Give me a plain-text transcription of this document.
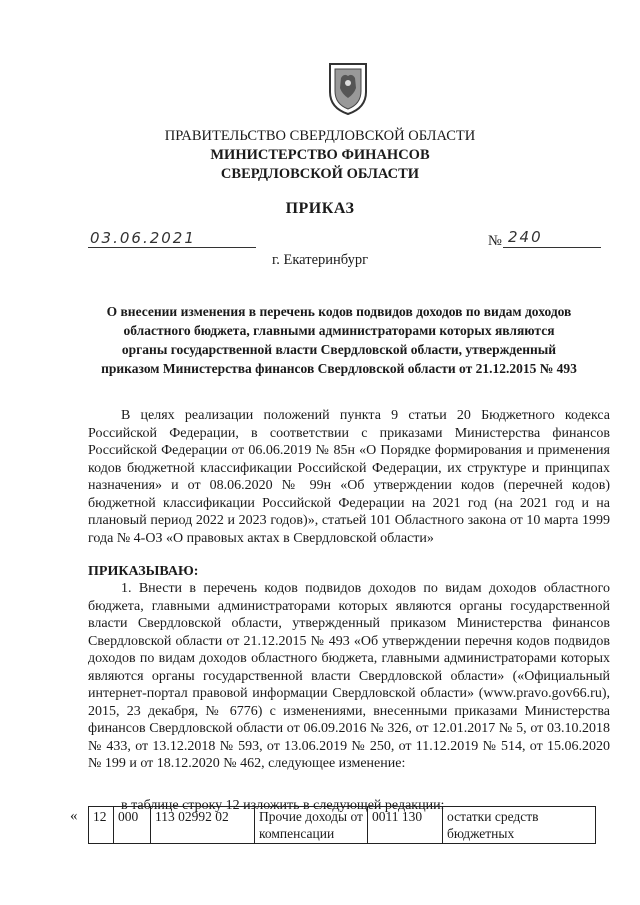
ПРАВИТЕЛЬСТВО СВЕРДЛОВСКОЙ ОБЛАСТИ
МИНИСТЕРСТВО ФИНАНСОВ
СВЕРДЛОВСКОЙ ОБЛАСТИ
ПРИКАЗ
03.06.2021	№ 240
г. Екатеринбург
О внесении изменения в перечень кодов подвидов доходов по видам доходов областного бюджета, главными администраторами которых являются органы государственной власти Свердловской области, утвержденный приказом Министерства финансов Свердловской области от 21.12.2015 № 493
В целях реализации положений пункта 9 статьи 20 Бюджетного кодекса Российской Федерации, в соответствии с приказами Министерства финансов Российской Федерации от 06.06.2019 № 85н «О Порядке формирования и применения кодов бюджетной классификации Российской Федерации, их структуре и принципах назначения» и от 08.06.2020 № 99н «Об утверждении кодов (перечней кодов) бюджетной классификации Российской Федерации на 2021 год (на 2021 год и на плановый период 2022 и 2023 годов)», статьей 101 Областного закона от 10 марта 1999 года № 4-ОЗ «О правовых актах в Свердловской области»
ПРИКАЗЫВАЮ:
1. Внести в перечень кодов подвидов доходов по видам доходов областного бюджета, главными администраторами которых являются органы государственной власти Свердловской области, утвержденный приказом Министерства финансов Свердловской области от 21.12.2015 № 493 «Об утверждении перечня кодов подвидов доходов по видам доходов областного бюджета, главными администраторами которых являются органы государственной власти Свердловской области» («Официальный интернет-портал правовой информации Свердловской области» (www.pravo.gov66.ru), 2015, 23 декабря, № 6776) с изменениями, внесенными приказами Министерства финансов Свердловской области от 06.09.2016 № 326, от 12.01.2017 № 5, от 03.10.2018 № 433, от 13.12.2018 № 593, от 13.06.2019 № 250, от 11.12.2019 № 514, от 15.06.2020 № 199 и от 18.12.2020 № 462, следующее изменение:
в таблице строку 12 изложить в следующей редакции:
« 12	000	113 02992 02	Прочие доходы от компенсации	0011 130	остатки средств бюджетных
